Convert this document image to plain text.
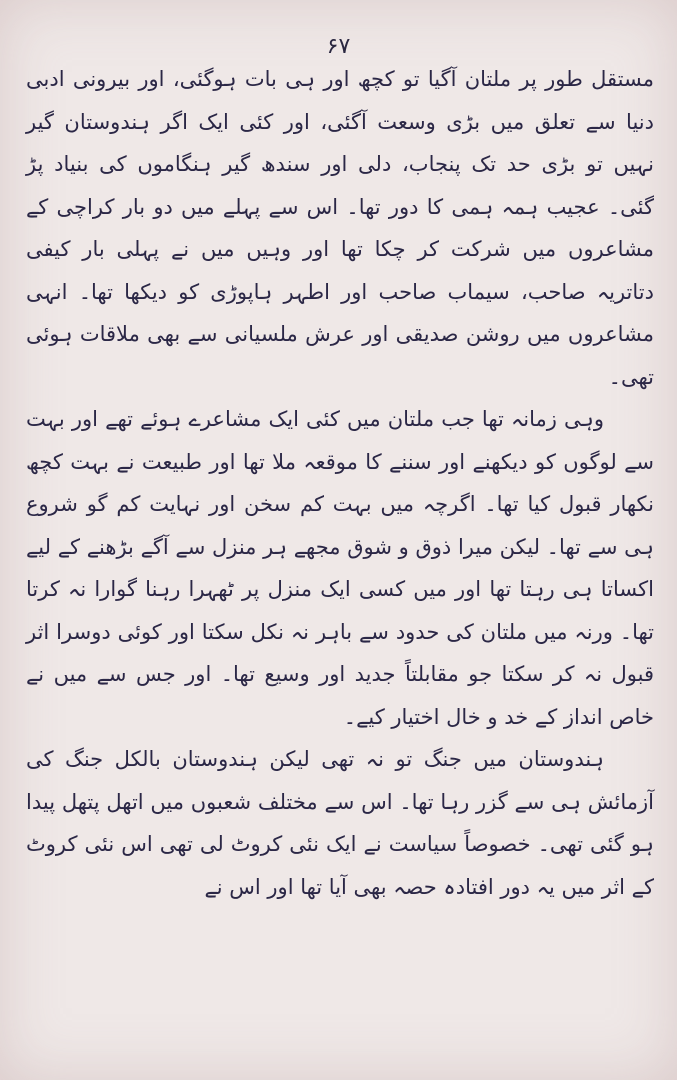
۶۷

مستقل طور پر ملتان آگیا تو کچھ اور ہی بات ہوگئی، اور بیرونی ادبی دنیا سے تعلق میں بڑی وسعت آگئی، اور کئی ایک اگر ہندوستان گیر نہیں تو بڑی حد تک پنجاب، دلی اور سندھ گیر ہنگاموں کی بنیاد پڑ گئی۔ عجیب ہمہ ہمی کا دور تھا۔ اس سے پہلے میں دو بار کراچی کے مشاعروں میں شرکت کر چکا تھا اور وہیں میں نے پہلی بار کیفی دتاتریہ صاحب، سیماب صاحب اور اطہر ہاپوڑی کو دیکھا تھا۔ انہی مشاعروں میں روشن صدیقی اور عرش ملسیانی سے بھی ملاقات ہوئی تھی۔

وہی زمانہ تھا جب ملتان میں کئی ایک مشاعرے ہوئے تھے اور بہت سے لوگوں کو دیکھنے اور سننے کا موقعہ ملا تھا اور طبیعت نے بہت کچھ نکھار قبول کیا تھا۔ اگرچہ میں بہت کم سخن اور نہایت کم گو شروع ہی سے تھا۔ لیکن میرا ذوق و شوق مجھے ہر منزل سے آگے بڑھنے کے لیے اکساتا ہی رہتا تھا اور میں کسی ایک منزل پر ٹھہرا رہنا گوارا نہ کرتا تھا۔ ورنہ میں ملتان کی حدود سے باہر نہ نکل سکتا اور کوئی دوسرا اثر قبول نہ کر سکتا جو مقابلتاً جدید اور وسیع تھا۔ اور جس سے میں نے خاص انداز کے خد و خال اختیار کیے۔

ہندوستان میں جنگ تو نہ تھی لیکن ہندوستان بالکل جنگ کی آزمائش ہی سے گزر رہا تھا۔ اس سے مختلف شعبوں میں اتھل پتھل پیدا ہو گئی تھی۔ خصوصاً سیاست نے ایک نئی کروٹ لی تھی اس نئی کروٹ کے اثر میں یہ دور افتادہ حصہ بھی آیا تھا اور اس نے
